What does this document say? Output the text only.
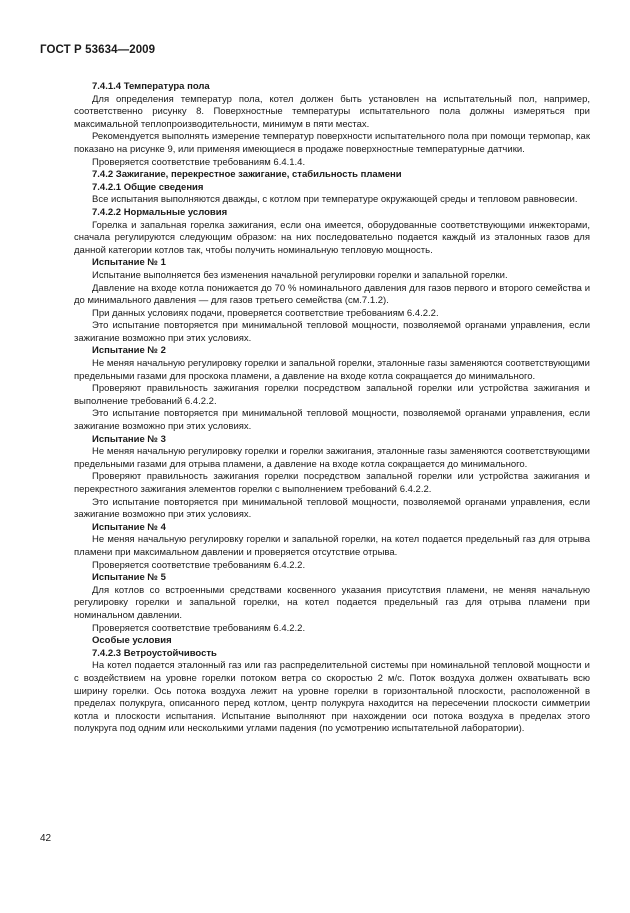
ГОСТ Р 53634—2009

7.4.1.4 Температура пола

Для определения температур пола, котел должен быть установлен на испытательный пол, например, соответственно рисунку 8. Поверхностные температуры испытательного пола должны измеряться при максимальной теплопроизводительности, минимум в пяти местах.

Рекомендуется выполнять измерение температур поверхности испытательного пола при помощи термопар, как показано на рисунке 9, или применяя имеющиеся в продаже поверхностные температурные датчики.

Проверяется соответствие требованиям 6.4.1.4.

7.4.2 Зажигание, перекрестное зажигание, стабильность пламени

7.4.2.1 Общие сведения

Все испытания выполняются дважды, с котлом при температуре окружающей среды и тепловом равновесии.

7.4.2.2 Нормальные условия

Горелка и запальная горелка зажигания, если она имеется, оборудованные соответствующими инжекторами, сначала регулируются следующим образом: на них последовательно подается каждый из эталонных газов для данной категории котлов так, чтобы получить номинальную тепловую мощность.

Испытание № 1

Испытание выполняется без изменения начальной регулировки горелки и запальной горелки.

Давление на входе котла понижается до 70 % номинального давления для газов первого и второго семейства и до минимального давления — для газов третьего семейства (см.7.1.2).

При данных условиях подачи, проверяется соответствие требованиям 6.4.2.2.

Это испытание повторяется при минимальной тепловой мощности, позволяемой органами управления, если зажигание возможно при этих условиях.

Испытание № 2

Не меняя начальную регулировку горелки и запальной горелки, эталонные газы заменяются соответствующими предельными газами для проскока пламени, а давление на входе котла сокращается до минимального.

Проверяют правильность зажигания горелки посредством запальной горелки или устройства зажигания и выполнение требований 6.4.2.2.

Это испытание повторяется при минимальной тепловой мощности, позволяемой органами управления, если зажигание возможно при этих условиях.

Испытание № 3

Не меняя начальную регулировку горелки и горелки зажигания, эталонные газы заменяются соответствующими предельными газами для отрыва пламени, а давление на входе котла сокращается до минимального.

Проверяют правильность зажигания горелки посредством запальной горелки или устройства зажигания и перекрестного зажигания элементов горелки с выполнением требований 6.4.2.2.

Это испытание повторяется при минимальной тепловой мощности, позволяемой органами управления, если зажигание возможно при этих условиях.

Испытание № 4

Не меняя начальную регулировку горелки и запальной горелки, на котел подается предельный газ для отрыва пламени при максимальном давлении и проверяется отсутствие отрыва.

Проверяется соответствие требованиям 6.4.2.2.

Испытание № 5

Для котлов со встроенными средствами косвенного указания присутствия пламени, не меняя начальную регулировку горелки и запальной горелки, на котел подается предельный газ для отрыва пламени при номинальном давлении.

Проверяется соответствие требованиям 6.4.2.2.

Особые условия

7.4.2.3 Ветроустойчивость

На котел подается эталонный газ или газ распределительной системы при номинальной тепловой мощности и с воздействием на уровне горелки потоком ветра со скоростью 2 м/с. Поток воздуха должен охватывать всю ширину горелки. Ось потока воздуха лежит на уровне горелки в горизонтальной плоскости, расположенной в пределах полукруга, описанного перед котлом, центр полукруга находится на пересечении плоскости симметрии котла и плоскости испытания. Испытание выполняют при нахождении оси потока воздуха в пределах этого полукруга под одним или несколькими углами падения (по усмотрению испытательной лаборатории).

42
